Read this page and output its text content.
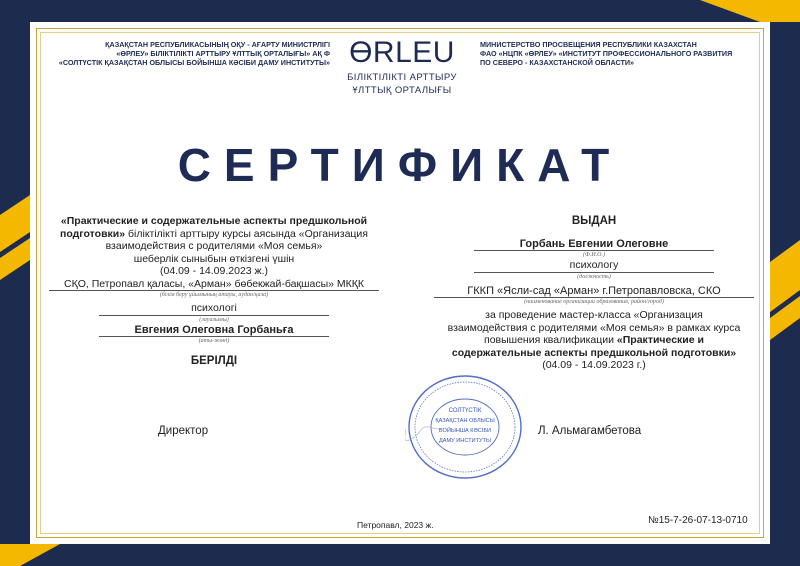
ҚАЗАҚСТАН РЕСПУБЛИКАСЫНЫҢ ОҚУ - АҒАРТУ МИНИСТРЛІГІ
«ӨРЛЕУ» БІЛІКТІЛІКТІ АРТТЫРУ ҰЛТТЫҚ ОРТАЛЫҒЫ» АҚ Ф
«СОЛТҮСТІК ҚАЗАҚСТАН ОБЛЫСЫ БОЙЫНША КӘСІБИ ДАМУ ИНСТИТУТЫ» ӨRLEU
БІЛІКТІЛІКТІ АРТТЫРУ
ҰЛТТЫҚ ОРТАЛЫҒЫ
МИНИСТЕРСТВО ПРОСВЕЩЕНИЯ РЕСПУБЛИКИ КАЗАХСТАН
ФАО «НЦПК «ӨРЛЕУ» «ИНСТИТУТ ПРОФЕССИОНАЛЬНОГО РАЗВИТИЯ
ПО СЕВЕРО - КАЗАХСТАНСКОЙ ОБЛАСТИ»
СЕРТИФИКАТ
«Практические и содержательные аспекты предшкольной подготовки» біліктілікті арттыру курсы аясында «Организация взаимодействия с родителями «Моя семья»
шеберлік сыныбын өткізгені үшін
(04.09 - 14.09.2023 ж.)
СҚО, Петропавл қаласы, «Арман» бөбекжай-бақшасы» МКҚК
(білім беру ұйымының атауы, аудан/қала)
психологі
(лауазымы)
Евгения Олеговна Горбаньға
(аты-жөні)
БЕРІЛДІ
ВЫДАН
Горбань Евгении Олеговне
(Ф.И.О.)
психологу
(должность)
ГККП «Ясли-сад «Арман» г.Петропавловска, СКО
(наименование организации образования, район/город)
за проведение мастер-класса «Организация взаимодействия с родителями «Моя семья» в рамках курса повышения квалификации «Практические и содержательные аспекты предшкольной подготовки»
(04.09 - 14.09.2023 г.)
СОЛТҮСТІК
ҚАЗАҚСТАН ОБЛЫСЫ
БОЙЫНША КӘСІБИ
ДАМУ ИНСТИТУТЫ
Директор	Л. Альмагамбетова
Петропавл, 2023 ж.	№15-7-26-07-13-0710
